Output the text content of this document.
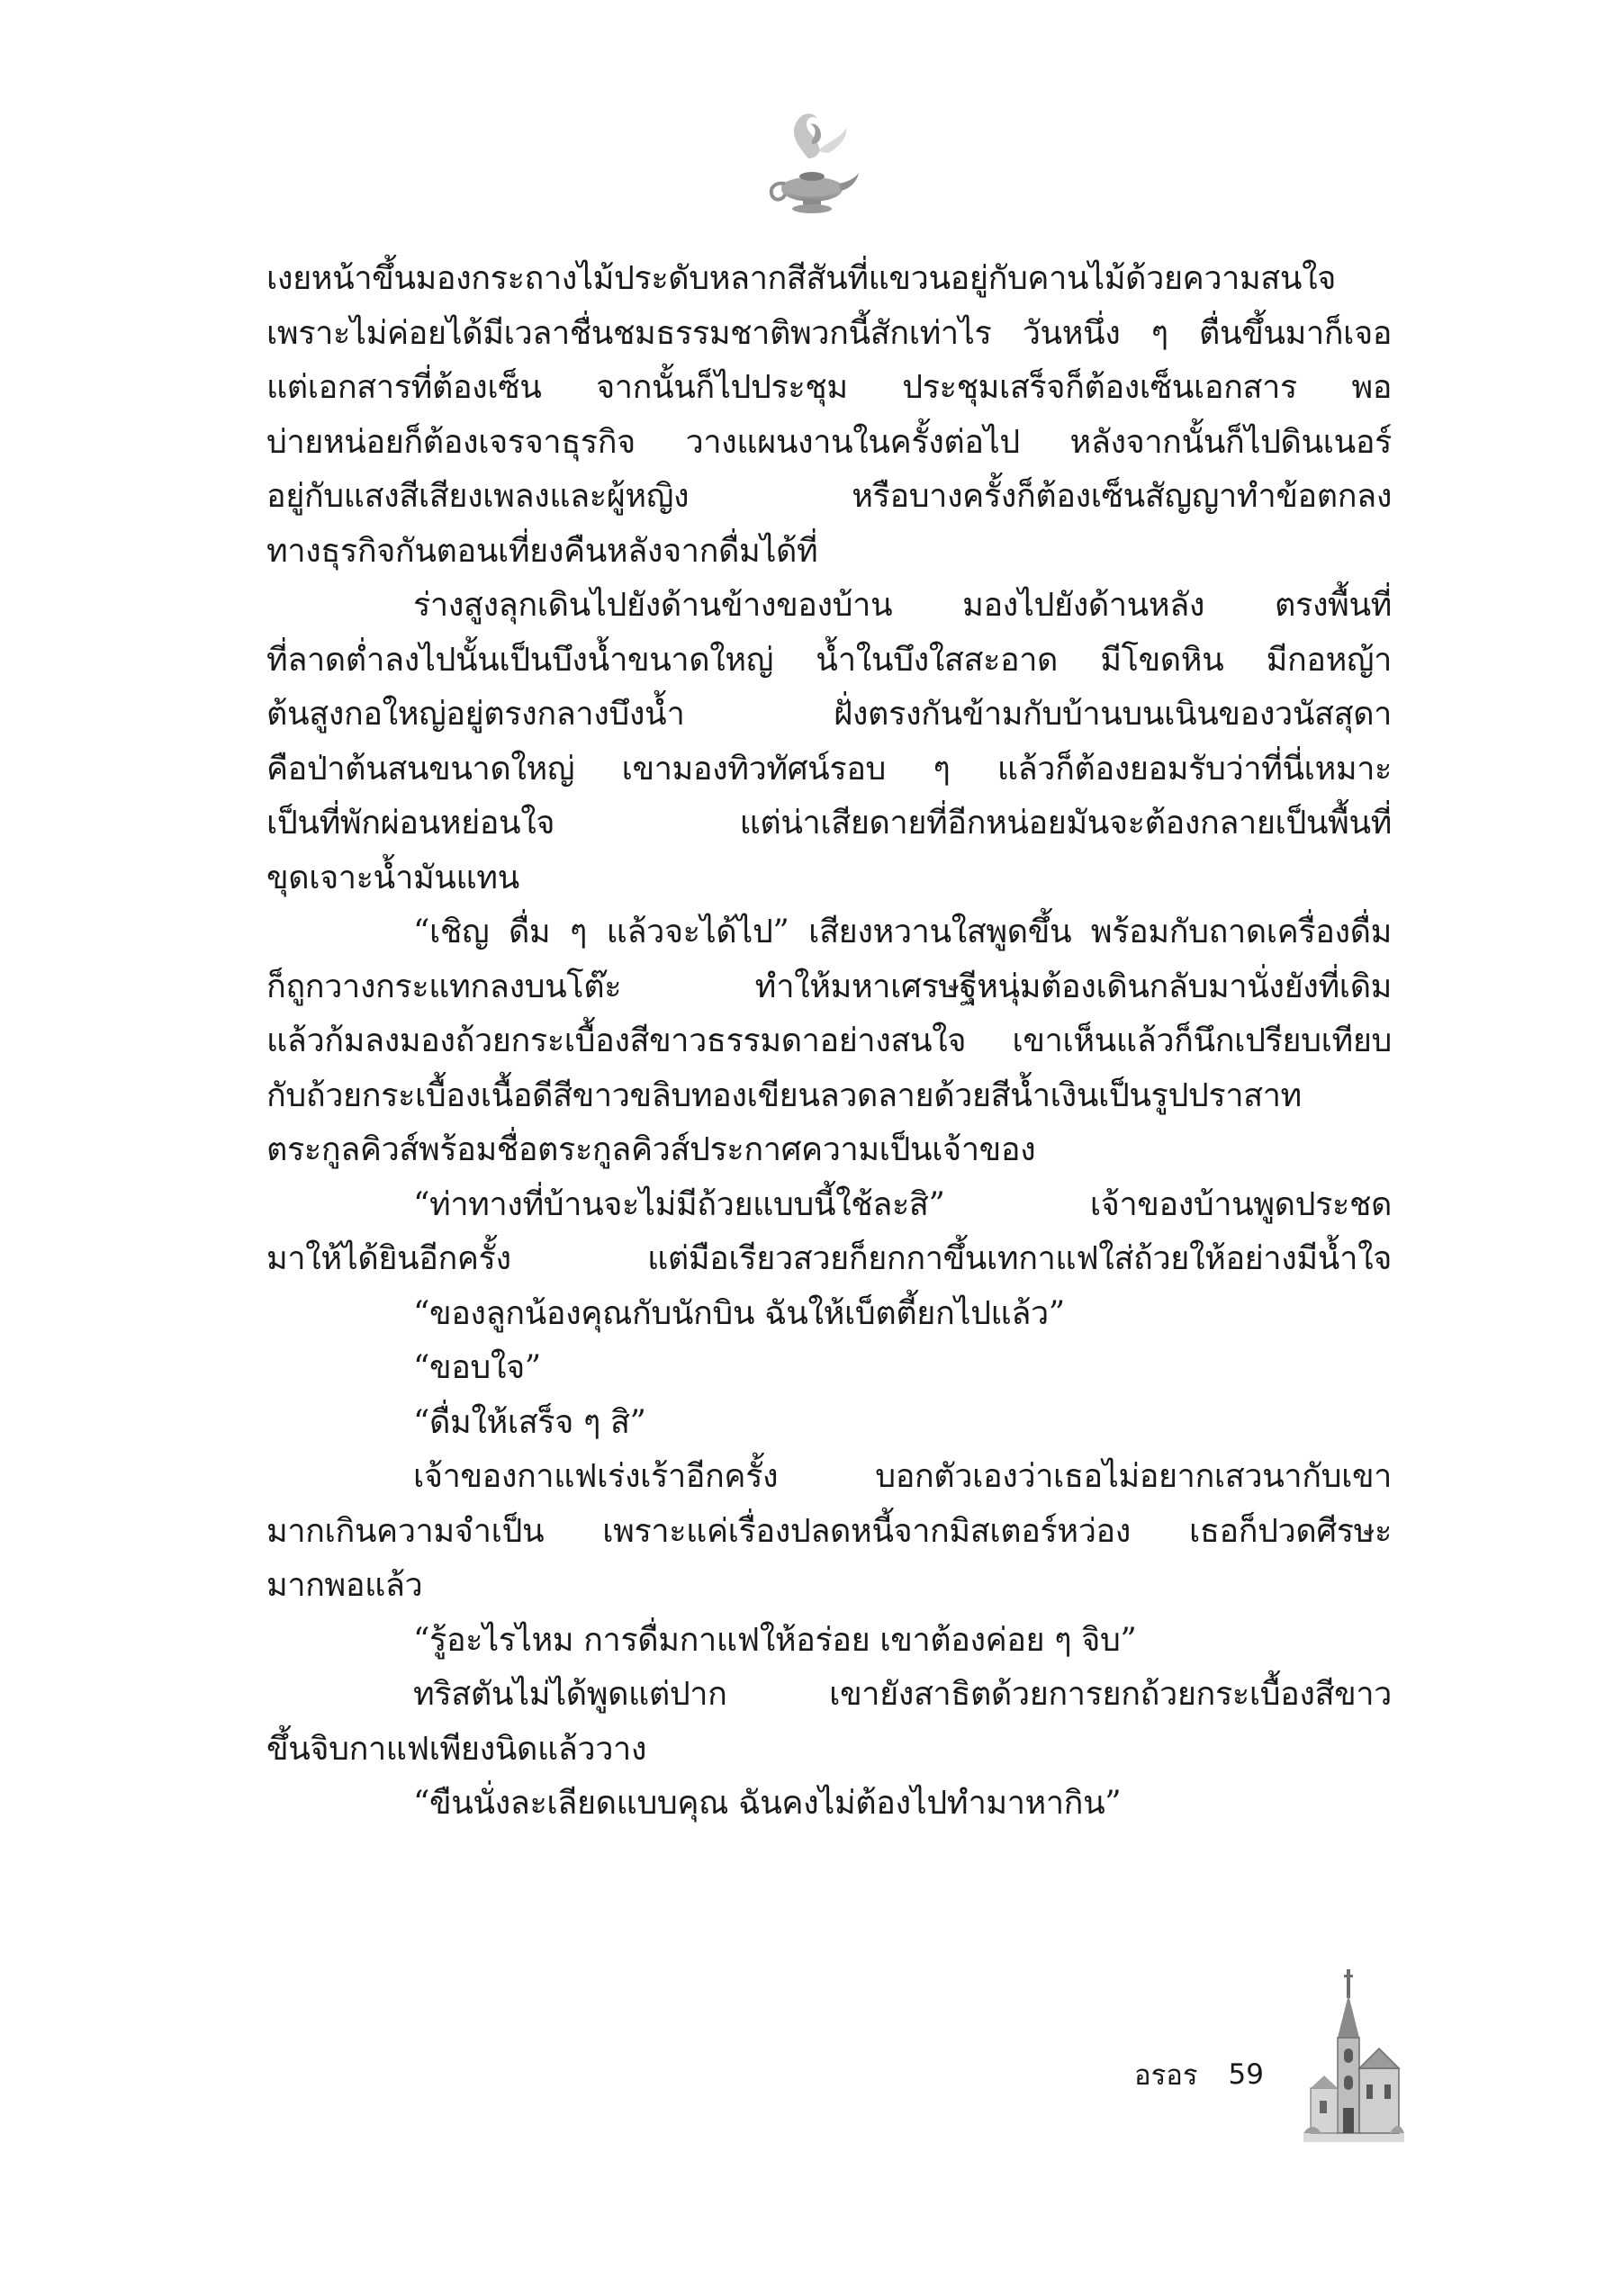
เงยหน้าขึ้นมองกระถางไม้ประดับหลากสีสันที่แขวนอยู่กับคานไม้ด้วยความสนใจ
เพราะไม่ค่อยได้มีเวลาชื่นชมธรรมชาติพวกนี้สักเท่าไร วันหนึ่ง ๆ ตื่นขึ้นมาก็เจอ
แต่เอกสารที่ต้องเซ็น จากนั้นก็ไปประชุม ประชุมเสร็จก็ต้องเซ็นเอกสาร พอ
บ่ายหน่อยก็ต้องเจรจาธุรกิจ วางแผนงานในครั้งต่อไป หลังจากนั้นก็ไปดินเนอร์
อยู่กับแสงสีเสียงเพลงและผู้หญิง หรือบางครั้งก็ต้องเซ็นสัญญาทำข้อตกลง
ทางธุรกิจกันตอนเที่ยงคืนหลังจากดื่มได้ที่
ร่างสูงลุกเดินไปยังด้านข้างของบ้าน มองไปยังด้านหลัง ตรงพื้นที่
ที่ลาดต่ำลงไปนั้นเป็นบึงน้ำขนาดใหญ่ น้ำในบึงใสสะอาด มีโขดหิน มีกอหญ้า
ต้นสูงกอใหญ่อยู่ตรงกลางบึงน้ำ ฝั่งตรงกันข้ามกับบ้านบนเนินของวนัสสุดา
คือป่าต้นสนขนาดใหญ่ เขามองทิวทัศน์รอบ ๆ แล้วก็ต้องยอมรับว่าที่นี่เหมาะ
เป็นที่พักผ่อนหย่อนใจ แต่น่าเสียดายที่อีกหน่อยมันจะต้องกลายเป็นพื้นที่
ขุดเจาะน้ำมันแทน
“เชิญ ดื่ม ๆ แล้วจะได้ไป” เสียงหวานใสพูดขึ้น พร้อมกับถาดเครื่องดื่ม
ก็ถูกวางกระแทกลงบนโต๊ะ ทำให้มหาเศรษฐีหนุ่มต้องเดินกลับมานั่งยังที่เดิม
แล้วก้มลงมองถ้วยกระเบื้องสีขาวธรรมดาอย่างสนใจ เขาเห็นแล้วก็นึกเปรียบเทียบ
กับถ้วยกระเบื้องเนื้อดีสีขาวขลิบทองเขียนลวดลายด้วยสีน้ำเงินเป็นรูปปราสาท
ตระกูลคิวส์พร้อมชื่อตระกูลคิวส์ประกาศความเป็นเจ้าของ
“ท่าทางที่บ้านจะไม่มีถ้วยแบบนี้ใช้ละสิ” เจ้าของบ้านพูดประชด
มาให้ได้ยินอีกครั้ง แต่มือเรียวสวยก็ยกกาขึ้นเทกาแฟใส่ถ้วยให้อย่างมีน้ำใจ
“ของลูกน้องคุณกับนักบิน ฉันให้เบ็ตตี้ยกไปแล้ว”
“ขอบใจ”
“ดื่มให้เสร็จ ๆ สิ”
เจ้าของกาแฟเร่งเร้าอีกครั้ง บอกตัวเองว่าเธอไม่อยากเสวนากับเขา
มากเกินความจำเป็น เพราะแค่เรื่องปลดหนี้จากมิสเตอร์หว่อง เธอก็ปวดศีรษะ
มากพอแล้ว
“รู้อะไรไหม การดื่มกาแฟให้อร่อย เขาต้องค่อย ๆ จิบ”
ทริสตันไม่ได้พูดแต่ปาก เขายังสาธิตด้วยการยกถ้วยกระเบื้องสีขาว
ขึ้นจิบกาแฟเพียงนิดแล้ววาง
“ขืนนั่งละเลียดแบบคุณ ฉันคงไม่ต้องไปทำมาหากิน”
อรอร 59
